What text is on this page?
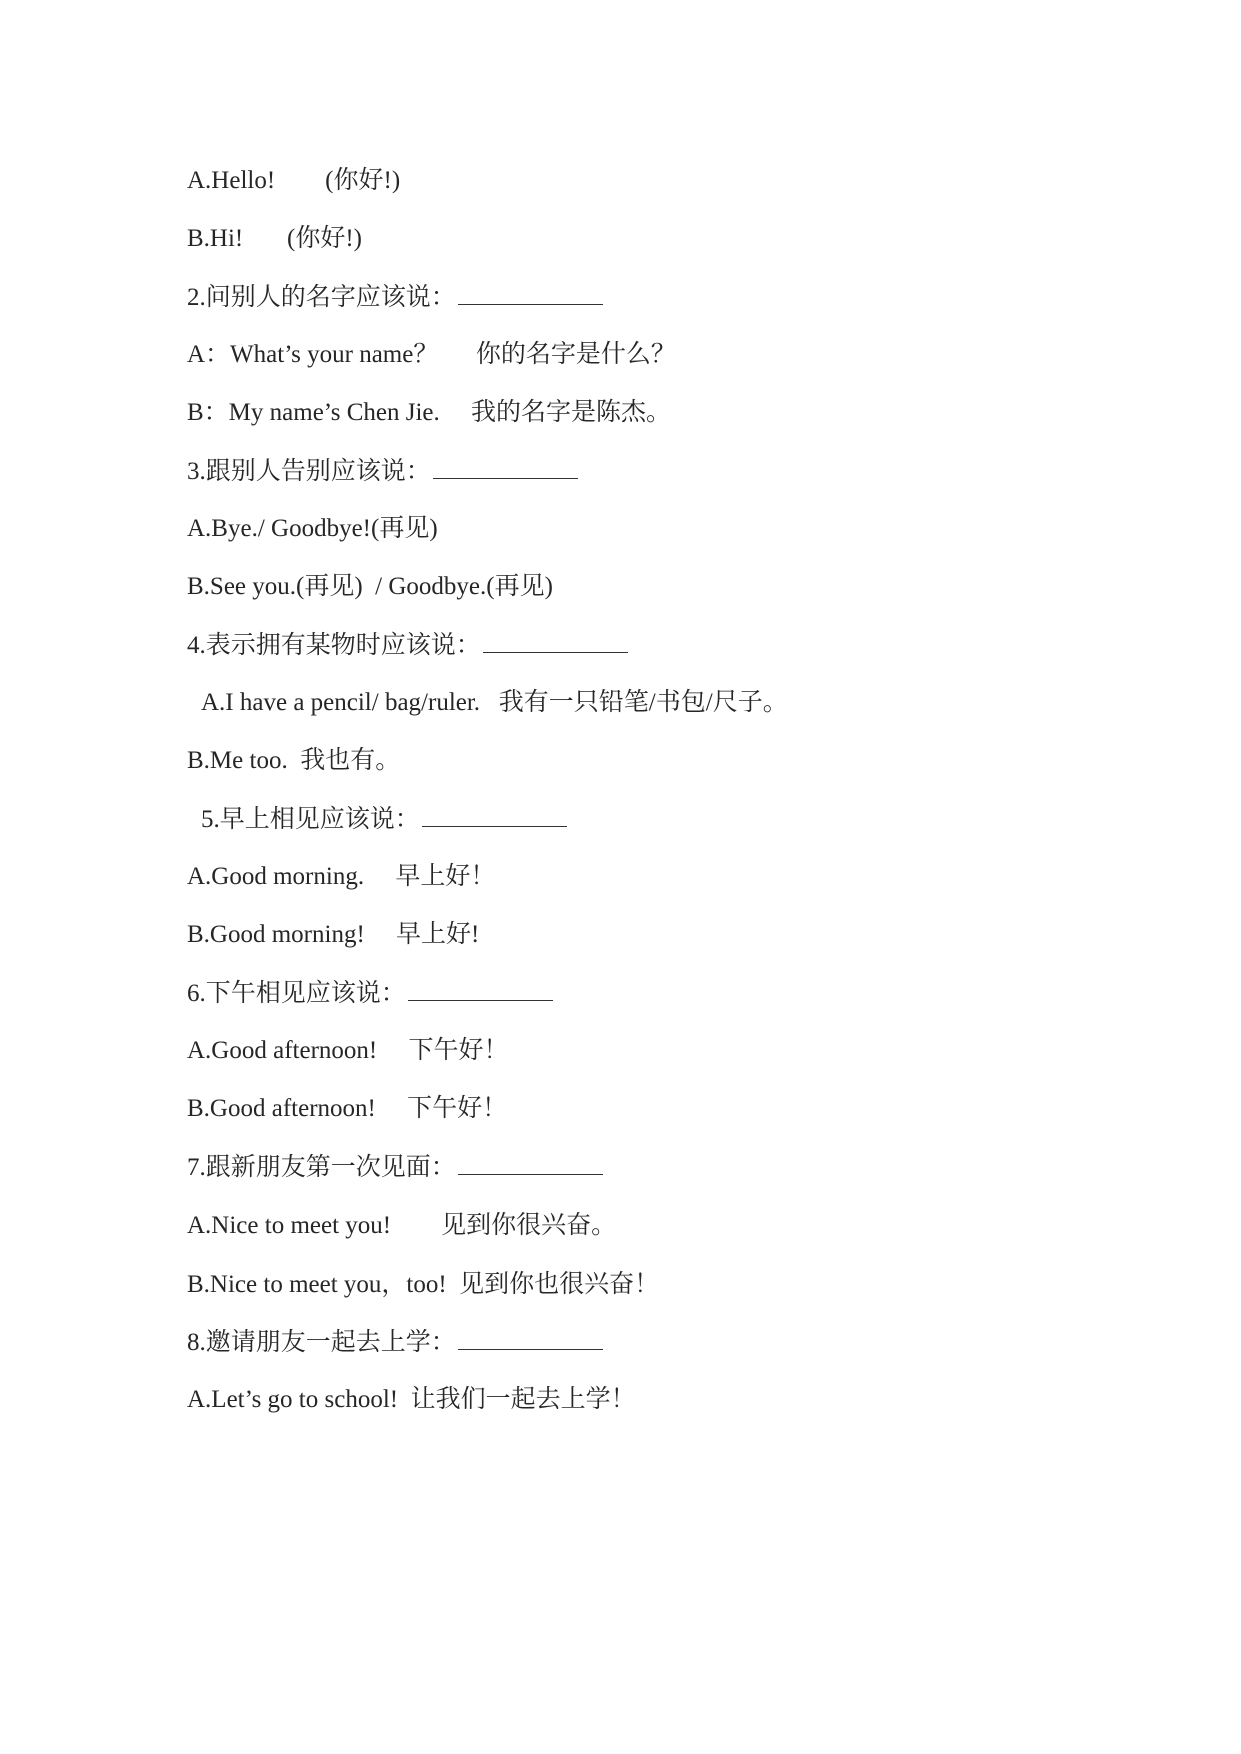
A.Hello!        (你好!)
B.Hi!       (你好!)
2.问别人的名字应该说：
A：What’s your name？      你的名字是什么？
B：My name’s Chen Jie.     我的名字是陈杰。
3.跟别人告别应该说：
A.Bye./ Goodbye!(再见)
B.See you.(再见)  / Goodbye.(再见)
4.表示拥有某物时应该说：
A.I have a pencil/ bag/ruler.   我有一只铅笔/书包/尺子。
B.Me too.  我也有。
5.早上相见应该说：
A.Good morning.     早上好！
B.Good morning!     早上好!
6.下午相见应该说：
A.Good afternoon!     下午好！
B.Good afternoon!     下午好！
7.跟新朋友第一次见面：
A.Nice to meet you!        见到你很兴奋。
B.Nice to meet you，too!  见到你也很兴奋！
8.邀请朋友一起去上学：
A.Let’s go to school!  让我们一起去上学！
